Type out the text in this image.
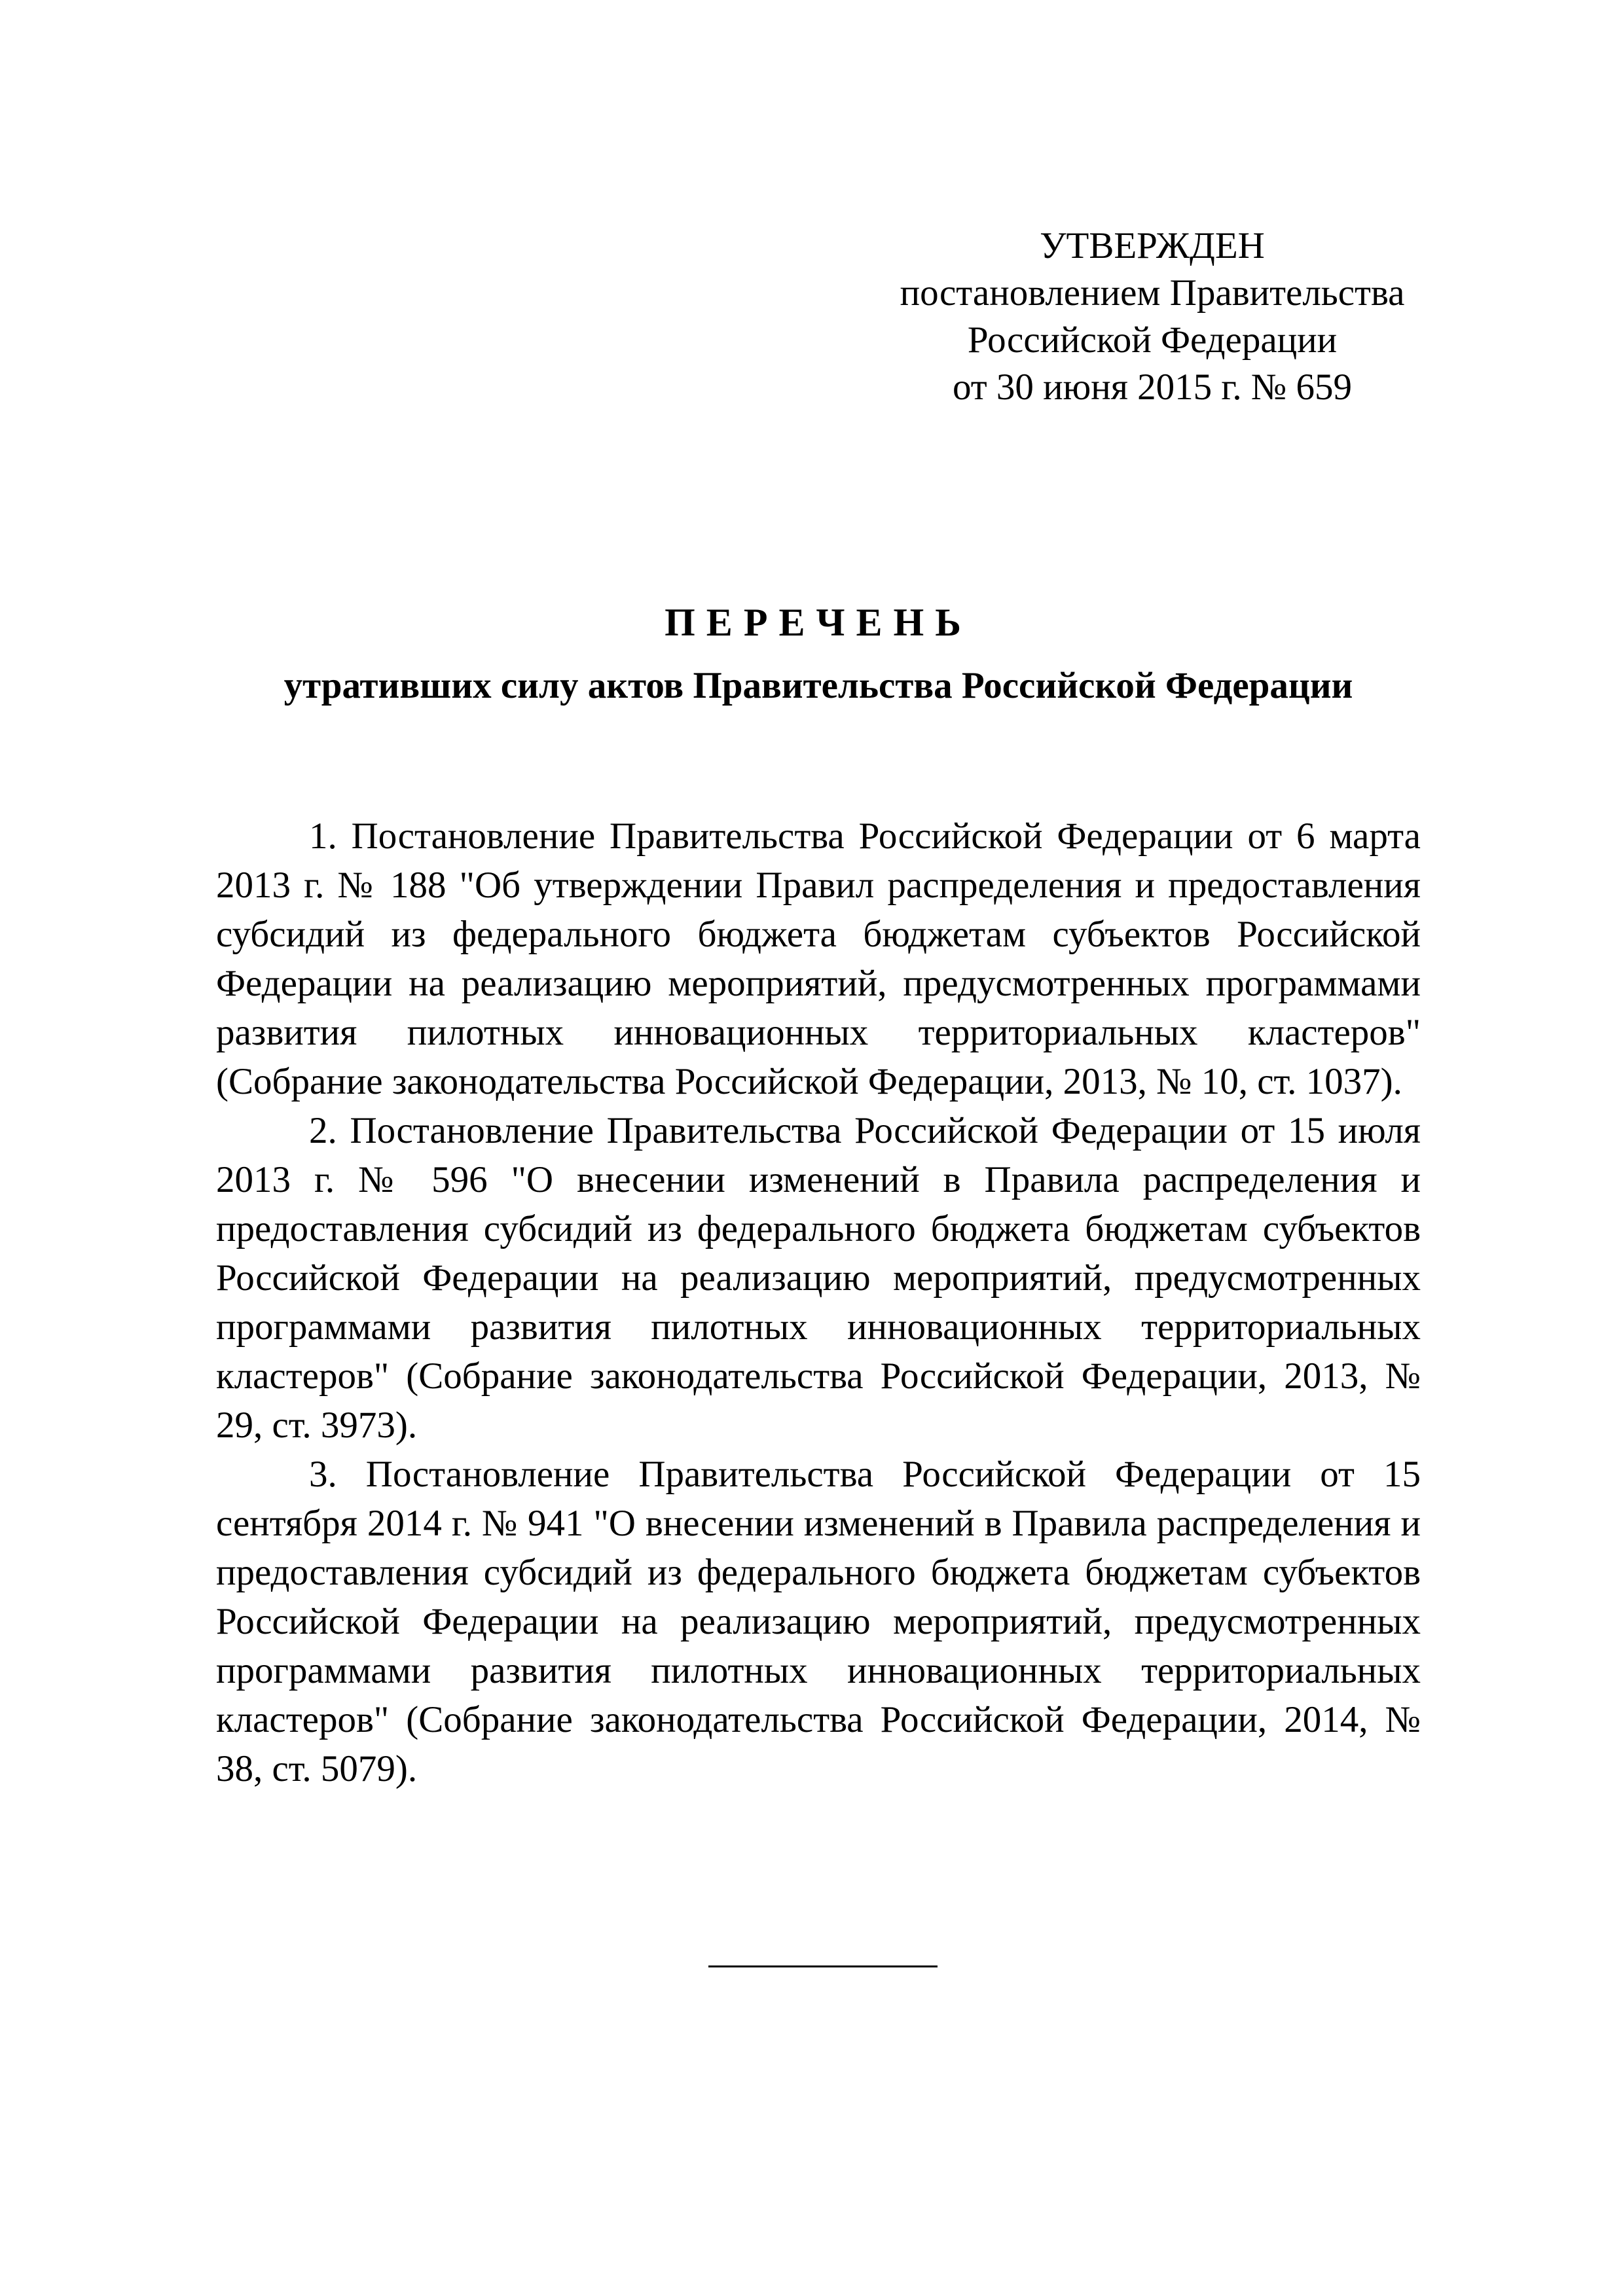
УТВЕРЖДЕН
постановлением Правительства
Российской Федерации
от 30 июня 2015 г. № 659
ПЕРЕЧЕНЬ
утративших силу актов Правительства Российской Федерации

1. Постановление Правительства Российской Федерации от 6 марта 2013 г. № 188 "Об утверждении Правил распределения и предоставления субсидий из федерального бюджета бюджетам субъектов Российской Федерации на реализацию мероприятий, предусмотренных программами развития пилотных инновационных территориальных кластеров" (Собрание законодательства Российской Федерации, 2013, № 10, ст. 1037).

2. Постановление Правительства Российской Федерации от 15 июля 2013 г. № 596 "О внесении изменений в Правила распределения и предоставления субсидий из федерального бюджета бюджетам субъектов Российской Федерации на реализацию мероприятий, предусмотренных программами развития пилотных инновационных территориальных кластеров" (Собрание законодательства Российской Федерации, 2013, № 29, ст. 3973).

3. Постановление Правительства Российской Федерации от 15 сентября 2014 г. № 941 "О внесении изменений в Правила распределения и предоставления субсидий из федерального бюджета бюджетам субъектов Российской Федерации на реализацию мероприятий, предусмотренных программами развития пилотных инновационных территориальных кластеров" (Собрание законодательства Российской Федерации, 2014, № 38, ст. 5079).
